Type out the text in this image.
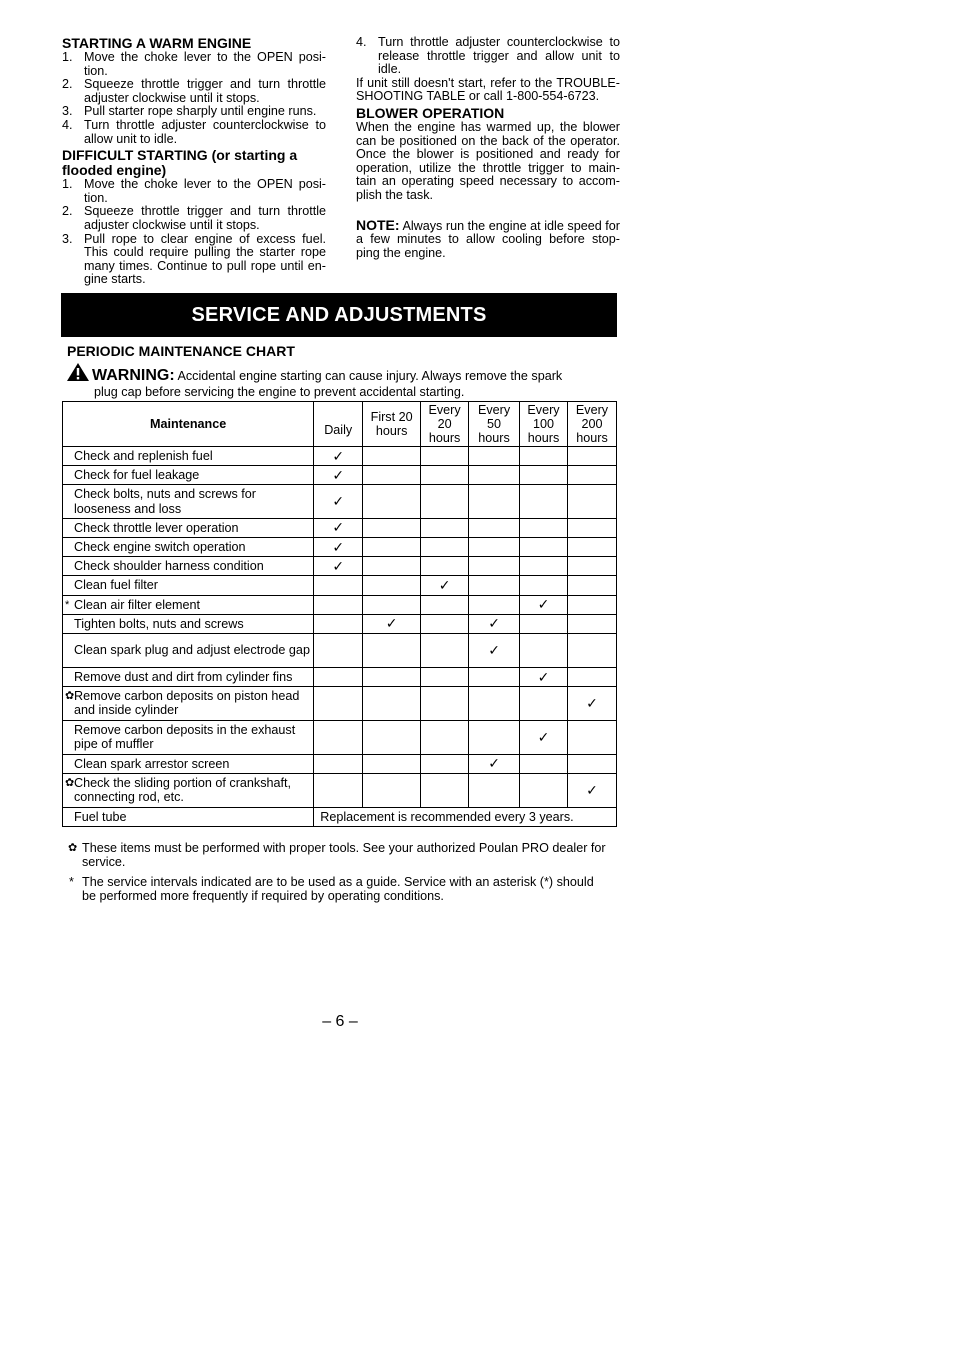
STARTING A WARM ENGINE
1. Move the choke lever to the OPEN posi- tion.
2. Squeeze throttle trigger and turn throttle adjuster clockwise until it stops.
3. Pull starter rope sharply until engine runs.
4. Turn throttle adjuster counterclockwise to allow unit to idle.
DIFFICULT STARTING (or starting a flooded engine)
1. Move the choke lever to the OPEN posi- tion.
2. Squeeze throttle trigger and turn throttle adjuster clockwise until it stops.
3. Pull rope to clear engine of excess fuel. This could require pulling the starter rope many times. Continue to pull rope until en- gine starts.
4. Turn throttle adjuster counterclockwise to release throttle trigger and allow unit to idle.

If unit still doesn't start, refer to the TROUBLE- SHOOTING TABLE or call 1-800-554-6723.

BLOWER OPERATION

When the engine has warmed up, the blower can be positioned on the back of the operator. Once the blower is positioned and ready for operation, utilize the throttle trigger to main- tain an operating speed necessary to accom- plish the task.

NOTE: Always run the engine at idle speed for a few minutes to allow cooling before stop- ping the engine.

SERVICE AND ADJUSTMENTS
PERIODIC MAINTENANCE CHART
WARNING: Accidental engine starting can cause injury. Always remove the spark
plug cap before servicing the engine to prevent accidental starting.
Maintenance	Daily	First 20 hours	Every 20 hours	Every 50 hours	Every 100 hours	Every 200 hours

Check and replenish fuel	✓					
Check for fuel leakage	✓					
Check bolts, nuts and screws for looseness and loss	✓					
Check throttle lever operation	✓					
Check engine switch operation	✓					
Check shoulder harness condition	✓					
Clean fuel filter			✓			

* Clean air filter element					✓	
Tighten bolts, nuts and screws		✓		✓		
Clean spark plug and adjust electrode gap				✓		
Remove dust and dirt from cylinder fins					✓	

✿ Remove carbon deposits on piston head and inside cylinder						✓
Remove carbon deposits in the exhaust pipe of muffler					✓	
Clean spark arrestor screen				✓		

✿ Check the sliding portion of crankshaft, connecting rod, etc.						✓
Fuel tube	Replacement is recommended every 3 years.					
✿ These items must be performed with proper tools. See your authorized Poulan PRO dealer for service.
* The service intervals indicated are to be used as a guide. Service with an asterisk (*) should be performed more frequently if required by operating conditions.
– 6 –
